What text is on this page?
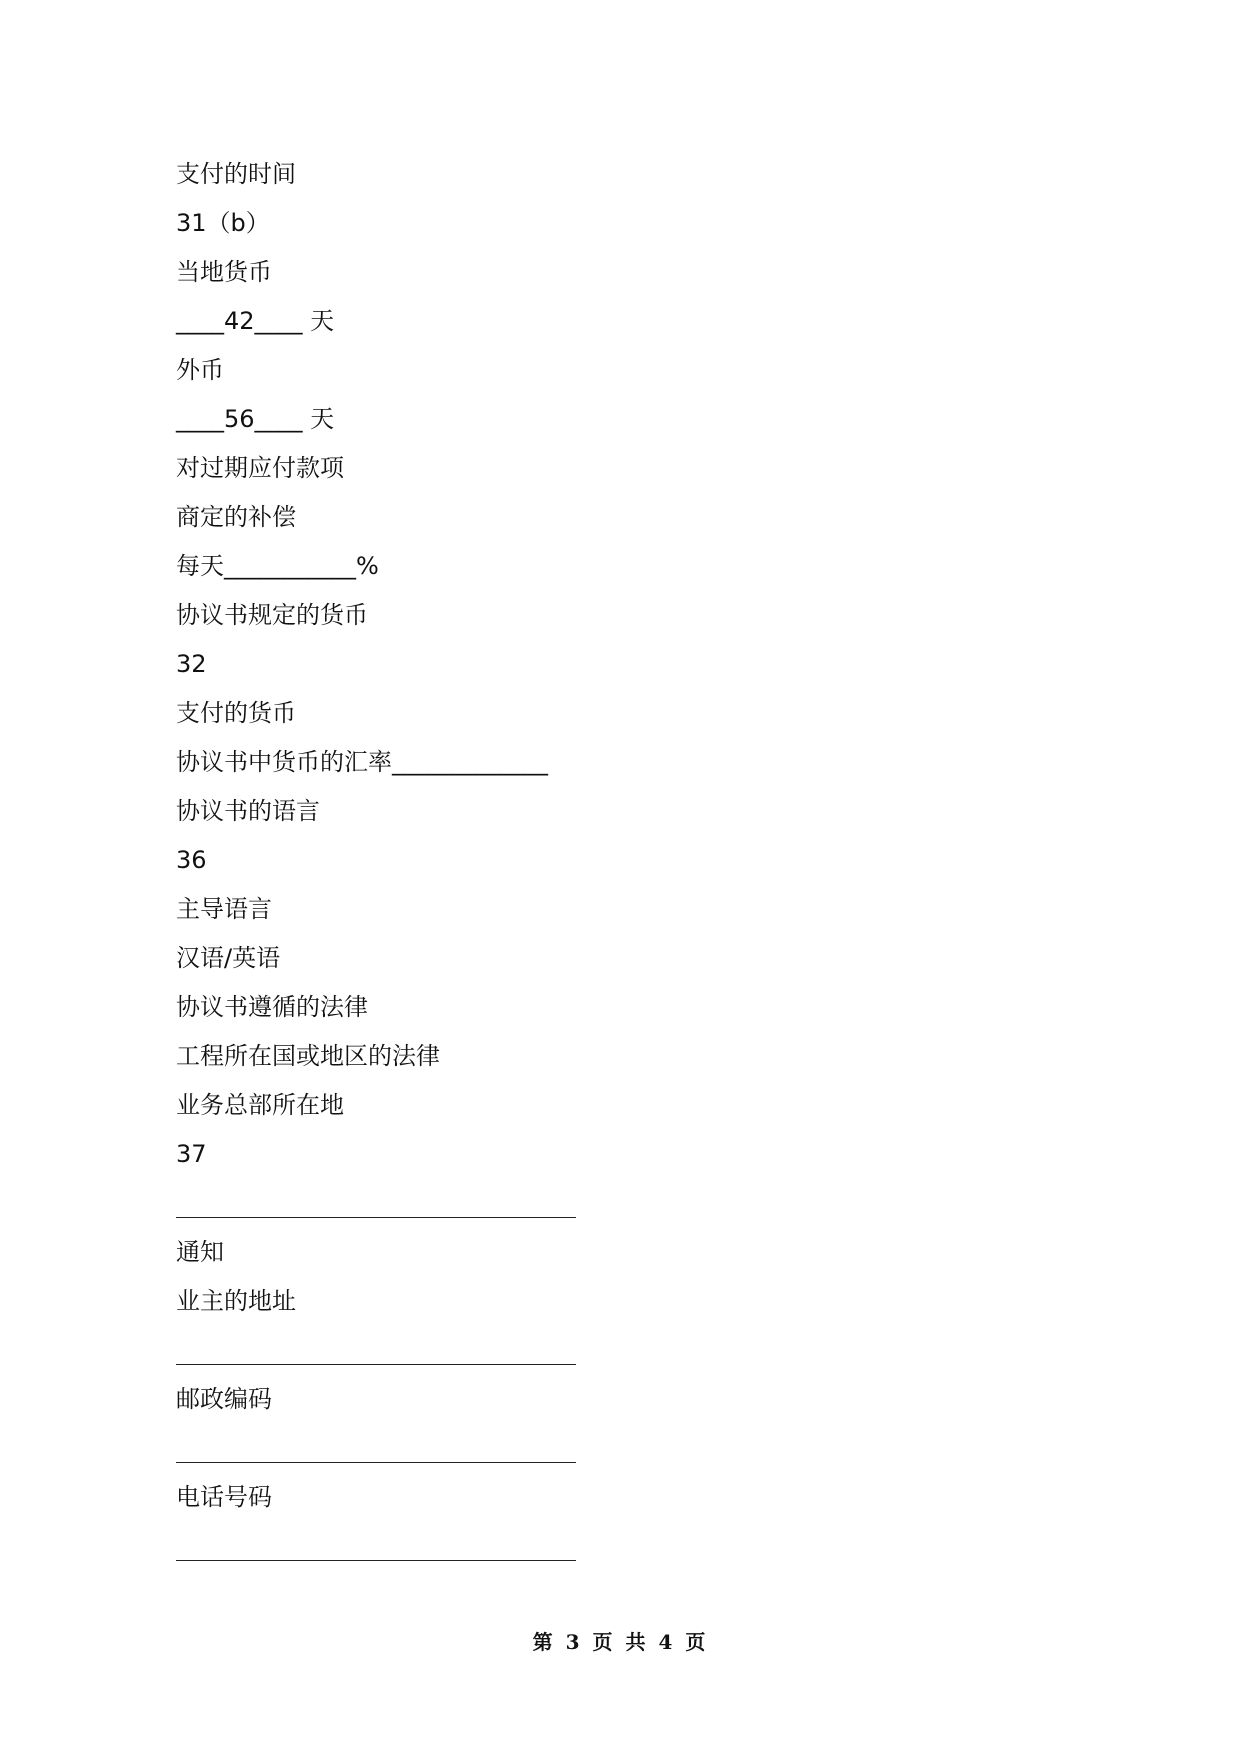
支付的时间
31（b）
当地货币
____42____ 天
外币
____56____ 天
对过期应付款项
商定的补偿
每天___________%
协议书规定的货币
32
支付的货币
协议书中货币的汇率_____________
协议书的语言
36
主导语言
汉语/英语
协议书遵循的法律
工程所在国或地区的法律
业务总部所在地
37
通知
业主的地址
邮政编码
电话号码
第 3 页 共 4 页
